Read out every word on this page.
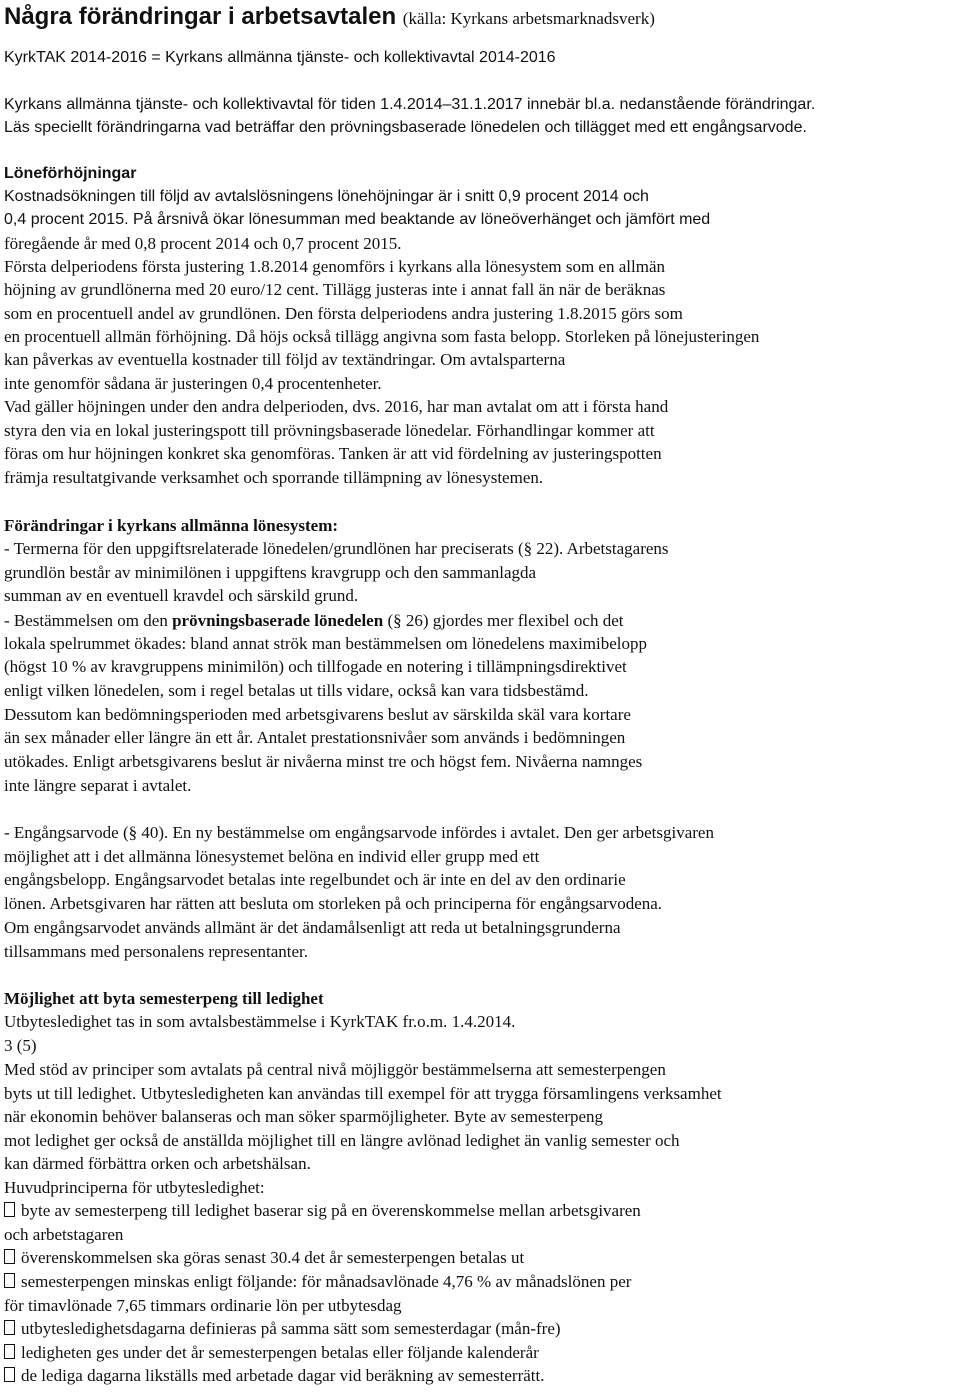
Några förändringar i arbetsavtalen (källa: Kyrkans arbetsmarknadsverk)
KyrkTAK 2014-2016 = Kyrkans allmänna tjänste- och kollektivavtal 2014-2016
Kyrkans allmänna tjänste- och kollektivavtal för tiden 1.4.2014–31.1.2017 innebär bl.a. nedanstående förändringar.
Läs speciellt förändringarna vad beträffar den prövningsbaserade lönedelen och tillägget med ett engångsarvode.
Löneförhöjningar
Kostnadsökningen till följd av avtalslösningens lönehöjningar är i snitt 0,9 procent 2014 och
0,4 procent 2015. På årsnivå ökar lönesumman med beaktande av löneöverhänget och jämfört med
föregående år med 0,8 procent 2014 och 0,7 procent 2015.
Första delperiodens första justering 1.8.2014 genomförs i kyrkans alla lönesystem som en allmän
höjning av grundlönerna med 20 euro/12 cent. Tillägg justeras inte i annat fall än när de beräknas
som en procentuell andel av grundlönen. Den första delperiodens andra justering 1.8.2015 görs som
en procentuell allmän förhöjning. Då höjs också tillägg angivna som fasta belopp. Storleken på lönejusteringen
kan påverkas av eventuella kostnader till följd av textändringar. Om avtalsparterna
inte genomför sådana är justeringen 0,4 procentenheter.
Vad gäller höjningen under den andra delperioden, dvs. 2016, har man avtalat om att i första hand
styra den via en lokal justeringspott till prövningsbaserade lönedelar. Förhandlingar kommer att
föras om hur höjningen konkret ska genomföras. Tanken är att vid fördelning av justeringspotten
främja resultatgivande verksamhet och sporrande tillämpning av lönesystemen.
Förändringar i kyrkans allmänna lönesystem:
- Termerna för den uppgiftsrelaterade lönedelen/grundlönen har preciserats (§ 22). Arbetstagarens
grundlön består av minimilönen i uppgiftens kravgrupp och den sammanlagda
summan av en eventuell kravdel och särskild grund.
- Bestämmelsen om den prövningsbaserade lönedelen (§ 26) gjordes mer flexibel och det
lokala spelrummet ökades: bland annat strök man bestämmelsen om lönedelens maximibelopp
(högst 10 % av kravgruppens minimilön) och tillfogade en notering i tillämpningsdirektivet
enligt vilken lönedelen, som i regel betalas ut tills vidare, också kan vara tidsbestämd.
Dessutom kan bedömningsperioden med arbetsgivarens beslut av särskilda skäl vara kortare
än sex månader eller längre än ett år. Antalet prestationsnivåer som används i bedömningen
utökades. Enligt arbetsgivarens beslut är nivåerna minst tre och högst fem. Nivåerna namnges
inte längre separat i avtalet.
- Engångsarvode (§ 40). En ny bestämmelse om engångsarvode infördes i avtalet. Den ger arbetsgivaren
möjlighet att i det allmänna lönesystemet belöna en individ eller grupp med ett
engångsbelopp. Engångsarvodet betalas inte regelbundet och är inte en del av den ordinarie
lönen. Arbetsgivaren har rätten att besluta om storleken på och principerna för engångsarvodena.
Om engångsarvodet används allmänt är det ändamålsenligt att reda ut betalningsgrunderna
tillsammans med personalens representanter.
Möjlighet att byta semesterpeng till ledighet
Utbytesledighet tas in som avtalsbestämmelse i KyrkTAK fr.o.m. 1.4.2014.
3 (5)
Med stöd av principer som avtalats på central nivå möjliggör bestämmelserna att semesterpengen
byts ut till ledighet. Utbytesledigheten kan användas till exempel för att trygga församlingens verksamhet
när ekonomin behöver balanseras och man söker sparmöjligheter. Byte av semesterpeng
mot ledighet ger också de anställda möjlighet till en längre avlönad ledighet än vanlig semester och
kan därmed förbättra orken och arbetshälsan.
Huvudprinciperna för utbytesledighet:
byte av semesterpeng till ledighet baserar sig på en överenskommelse mellan arbetsgivaren
och arbetstagaren
överenskommelsen ska göras senast 30.4 det år semesterpengen betalas ut
semesterpengen minskas enligt följande: för månadsavlönade 4,76 % av månadslönen per
för timavlönade 7,65 timmars ordinarie lön per utbytesdag
utbytesledighetsdagarna definieras på samma sätt som semesterdagar (mån-fre)
ledigheten ges under det år semesterpengen betalas eller följande kalenderår
de lediga dagarna likställs med arbetade dagar vid beräkning av semesterrätt.
